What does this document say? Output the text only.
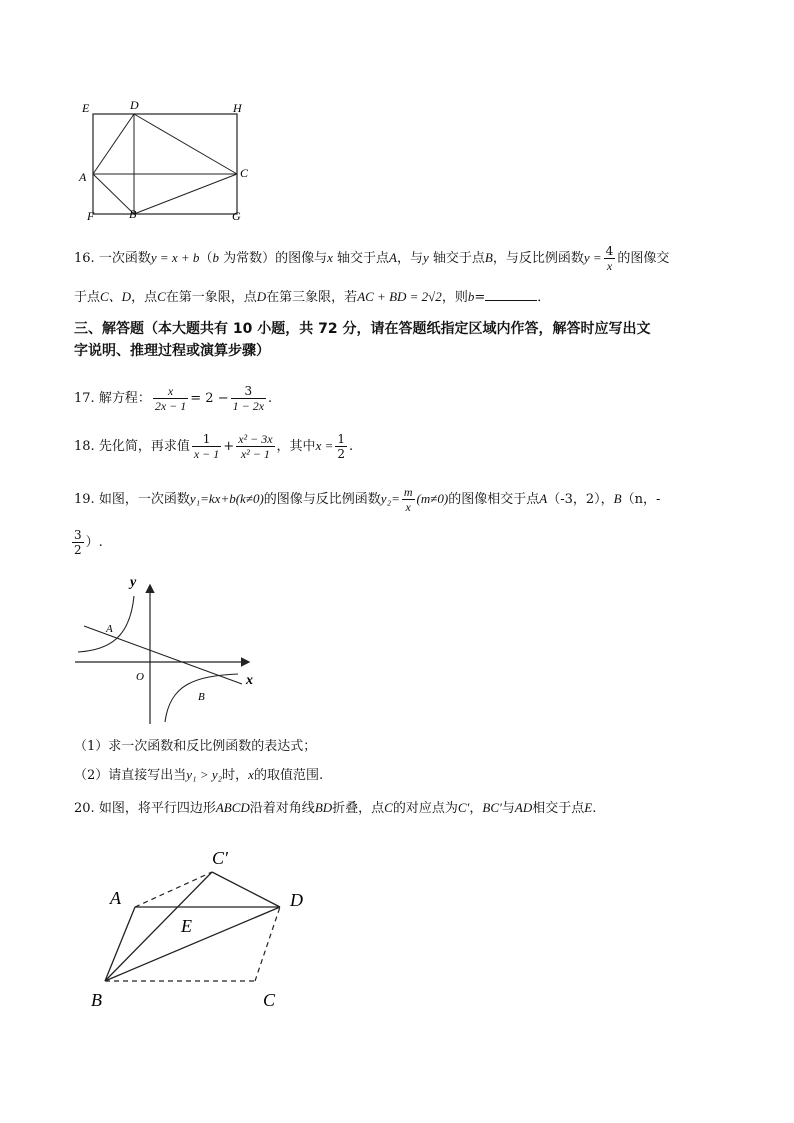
E	D	H
A	C
F	B	G
16. 一次函数y = x + b（b 为常数）的图像与x 轴交于点A，与y 轴交于点B，与反比例函数$y = \frac{4}{x}$ 的图像交
于点C、D，点C在第一象限，点D在第三象限，若AC + BD = 2√2，则b=	．
三、解答题（本大题共有 10 小题，共 72 分，请在答题纸指定区域内作答，解答时应写出文
字说明、推理过程或演算步骤）
17. 解方程： $\frac{x}{2x - 1} = 2 - \frac{3}{1 - 2x}$ .
18. 先化简，再求值 $\frac{1}{x - 1} + \frac{\text{x² − 3x}}{\text{x² − 1}}$ ，其中$x = \frac{1}{2}$ .
19. 如图，一次函数y₁=kx+b(k≠0)的图像与反比例函数$y_2= \frac{m}{x} (m\ne 0)$的图像相交于点A（-3，2），B（n，-
$\frac{3}{2}$ ）.
y
x
O
A
B
（1）求一次函数和反比例函数的表达式；
（2）请直接写出当y₁ > y₂时，x的取值范围.
20. 如图，将平行四边形ABCD沿着对角线BD折叠，点C的对应点为C′，BC′与AD相交于点E.
C′
A	D
E
B	C
